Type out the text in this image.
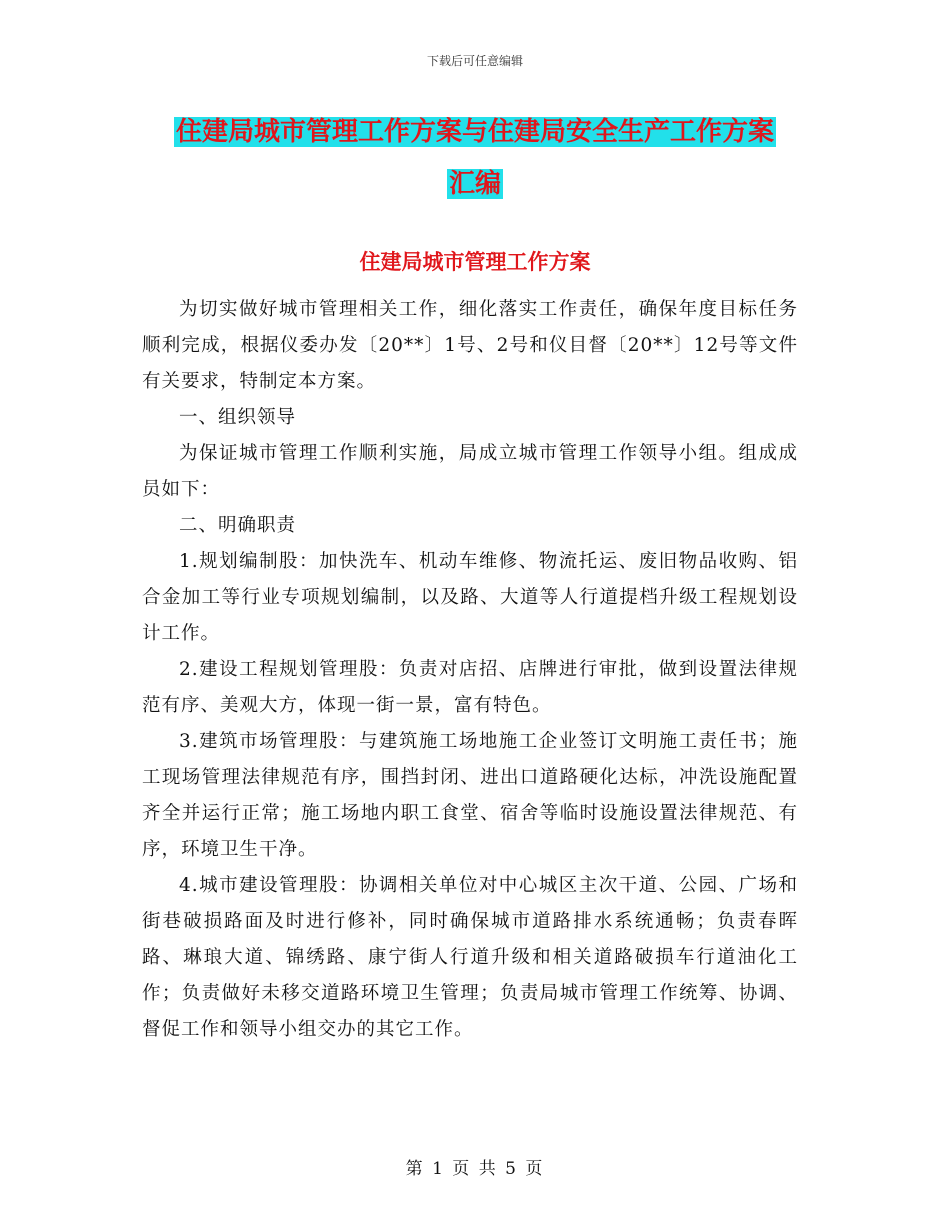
下载后可任意编辑
住建局城市管理工作方案与住建局安全生产工作方案
汇编
住建局城市管理工作方案

为切实做好城市管理相关工作，细化落实工作责任，确保年度目标任务顺利完成，根据仪委办发〔20**〕1号、2号和仪目督〔20**〕12号等文件有关要求，特制定本方案。

一、组织领导

为保证城市管理工作顺利实施，局成立城市管理工作领导小组。组成成员如下：

二、明确职责

1.规划编制股：加快洗车、机动车维修、物流托运、废旧物品收购、铝合金加工等行业专项规划编制，以及路、大道等人行道提档升级工程规划设计工作。

2.建设工程规划管理股：负责对店招、店牌进行审批，做到设置法律规范有序、美观大方，体现一街一景，富有特色。

3.建筑市场管理股：与建筑施工场地施工企业签订文明施工责任书；施工现场管理法律规范有序，围挡封闭、进出口道路硬化达标，冲洗设施配置齐全并运行正常；施工场地内职工食堂、宿舍等临时设施设置法律规范、有序，环境卫生干净。

4.城市建设管理股：协调相关单位对中心城区主次干道、公园、广场和街巷破损路面及时进行修补，同时确保城市道路排水系统通畅；负责春晖路、琳琅大道、锦绣路、康宁街人行道升级和相关道路破损车行道油化工作；负责做好未移交道路环境卫生管理；负责局城市管理工作统筹、协调、督促工作和领导小组交办的其它工作。

第 1 页 共 5 页
